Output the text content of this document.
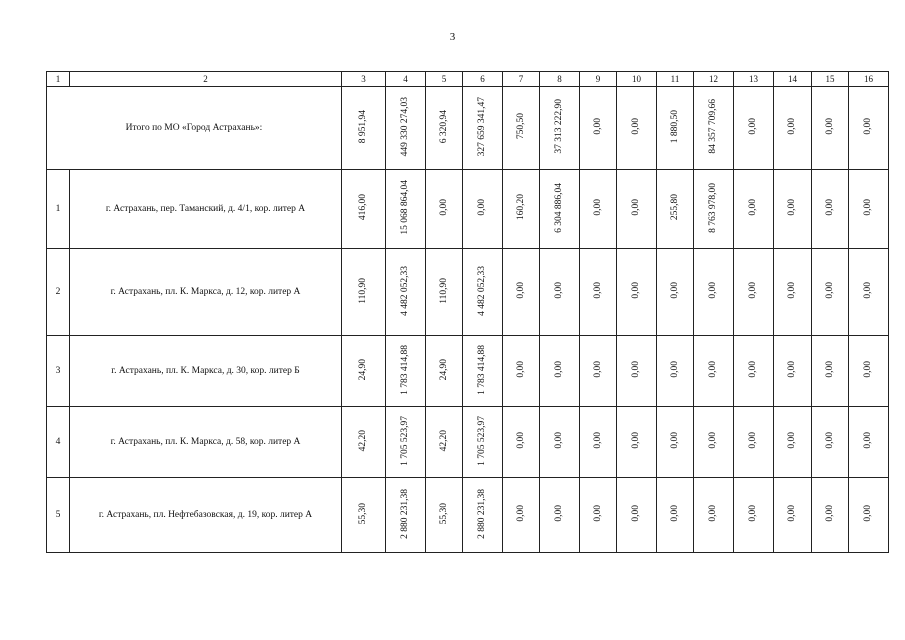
3
1	2	3	4	5	6	7	8	9	10	11	12	13	14	15	16
Итого по МО «Город Астрахань»:		8 951,94	449 330 274,03	6 320,94	327 659 341,47	750,50	37 313 222,90	0,00	0,00	1 880,50	84 357 709,66	0,00	0,00	0,00	0,00
1	г. Астрахань, пер. Таманский, д. 4/1, кор. литер А	416,00	15 068 864,04	0,00	0,00	160,20	6 304 886,04	0,00	0,00	255,80	8 763 978,00	0,00	0,00	0,00	0,00
2	г. Астрахань, пл. К. Маркса, д. 12, кор. литер А	110,90	4 482 052,33	110,90	4 482 052,33	0,00	0,00	0,00	0,00	0,00	0,00	0,00	0,00	0,00	0,00
3	г. Астрахань, пл. К. Маркса, д. 30, кор. литер Б	24,90	1 783 414,88	24,90	1 783 414,88	0,00	0,00	0,00	0,00	0,00	0,00	0,00	0,00	0,00	0,00
4	г. Астрахань, пл. К. Маркса, д. 58, кор. литер А	42,20	1 705 523,97	42,20	1 705 523,97	0,00	0,00	0,00	0,00	0,00	0,00	0,00	0,00	0,00	0,00
5	г. Астрахань, пл. Нефтебазовская, д. 19, кор. литер А	55,30	2 880 231,38	55,30	2 880 231,38	0,00	0,00	0,00	0,00	0,00	0,00	0,00	0,00	0,00	0,00
